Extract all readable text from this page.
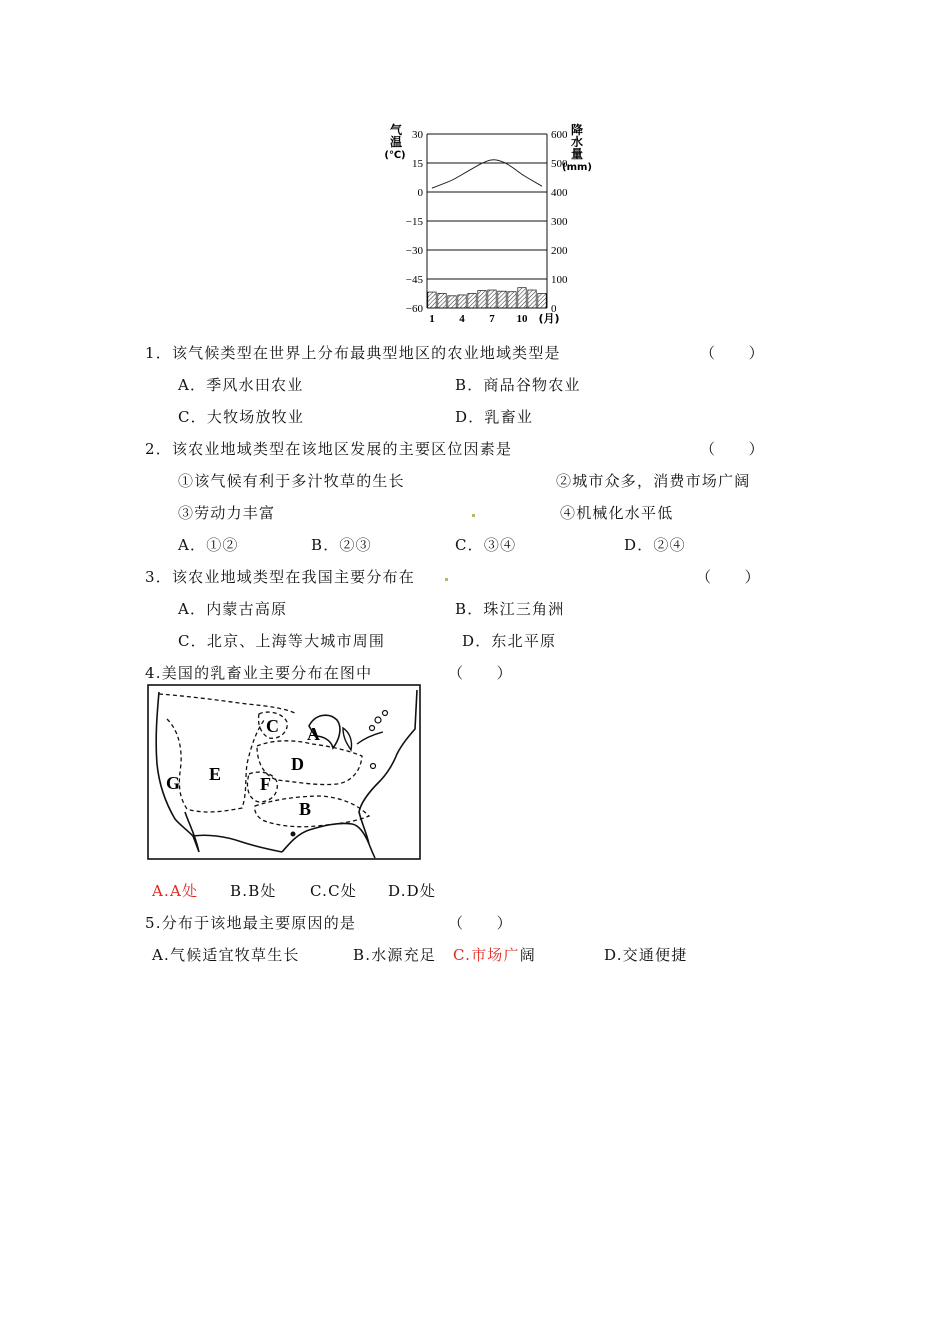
30	600
15	500
0	400
−15	300
−30	200
−45	100
−60	0
气
温
(℃)
降
水
量
(mm)
1 4 7 10 (月)
1．该气候类型在世界上分布最典型地区的农业地域类型是	（　　）
A．季风水田农业	B．商品谷物农业
C．大牧场放牧业	D．乳畜业
2．该农业地域类型在该地区发展的主要区位因素是	（　　）
①该气候有利于多汁牧草的生长	②城市众多，消费市场广阔
③劳动力丰富	④机械化水平低
A．①②	B．②③	C．③④	D．②④
3．该农业地域类型在我国主要分布在	（　　）
A．内蒙古高原	B．珠江三角洲
C．北京、上海等大城市周围	D．东北平原
4.美国的乳畜业主要分布在图中	（　　）
A
B
C
D
E F
G
A.A处 B.B处 C.C处 D.D处
5.分布于该地最主要原因的是	（　　）
A.气候适宜牧草生长	B.水源充足 C.市场广阔	D.交通便捷
